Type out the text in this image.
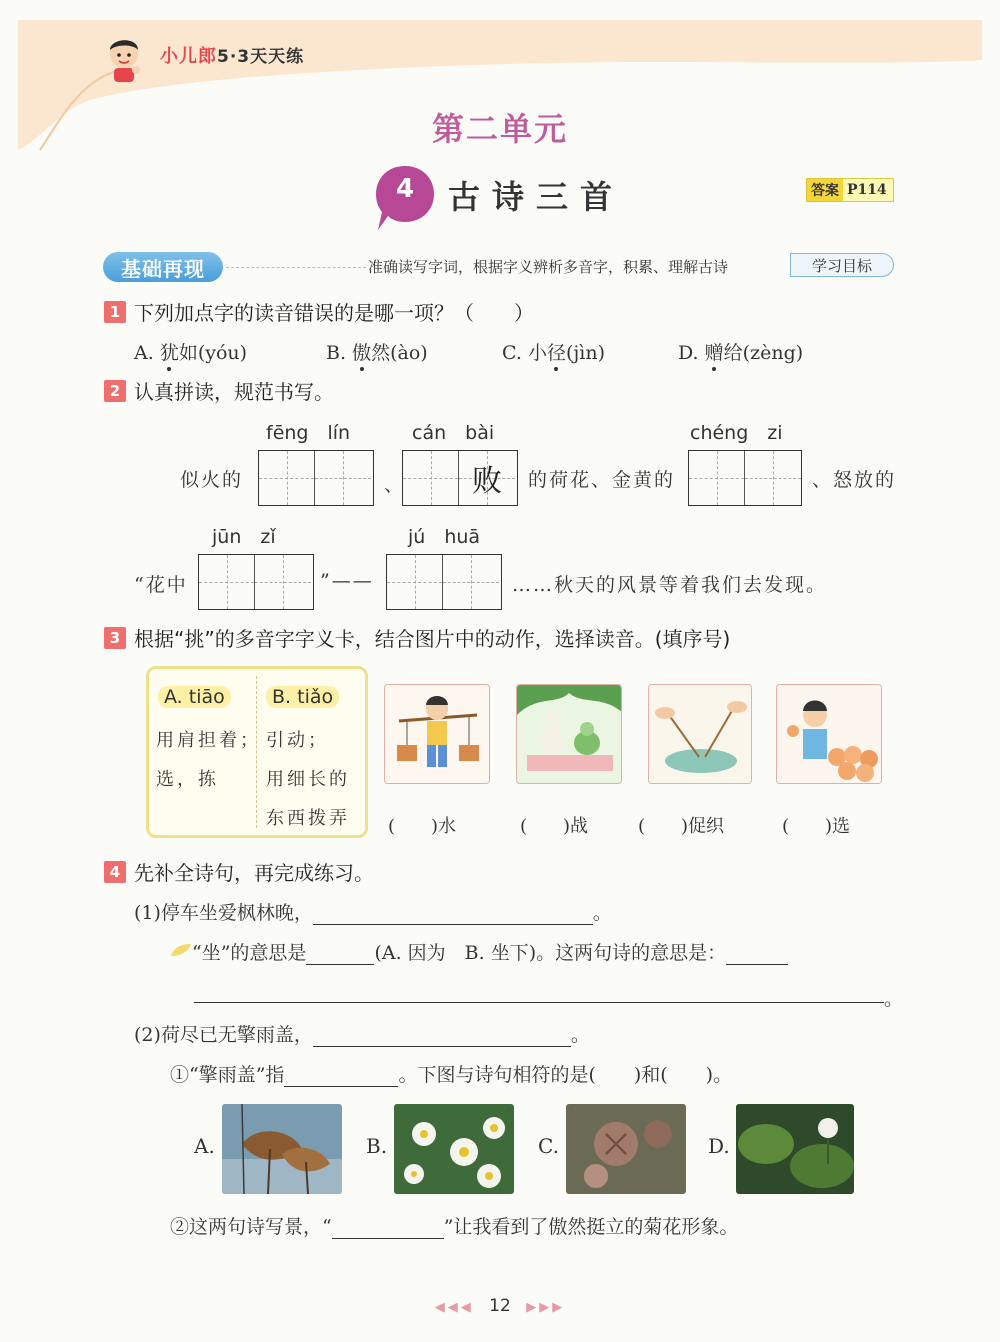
小儿郎5·3天天练
第二单元
4	古诗三首	答案 P114
基础再现	准确读写字词，根据字义辨析多音字，积累、理解古诗	学习目标
1 下列加点字的读音错误的是哪一项？（　　）
A. 犹如(yóu)	B. 傲然(ào)	C. 小径(jìn)	D. 赠给(zèng)
2 认真拼读，规范书写。
fēng　lín	cán　bài	chéng　zi
似火的	、	败	的荷花、金黄的	、怒放的
jūn　zǐ	jú　huā
“花中	”——	……秋天的风景等着我们去发现。
3 根据“挑”的多音字字义卡，结合图片中的动作，选择读音。(填序号)
A. tiāo
用肩担着；
选，拣
B. tiǎo
引动；
用细长的
东西拨弄 (　　)水	(　　)战	(　　)促织	(　　)选
4 先补全诗句，再完成练习。
(1)停车坐爱枫林晚，	。
“坐”的意思是	(A. 因为　B. 坐下)。这两句诗的意思是：
。
(2)荷尽已无擎雨盖，	。
①“擎雨盖”指	。下图与诗句相符的是(　　)和(　　)。
A.	B.	C.	D.
②这两句诗写景，“	”让我看到了傲然挺立的菊花形象。
◀◀◀ 12 ▶▶▶
